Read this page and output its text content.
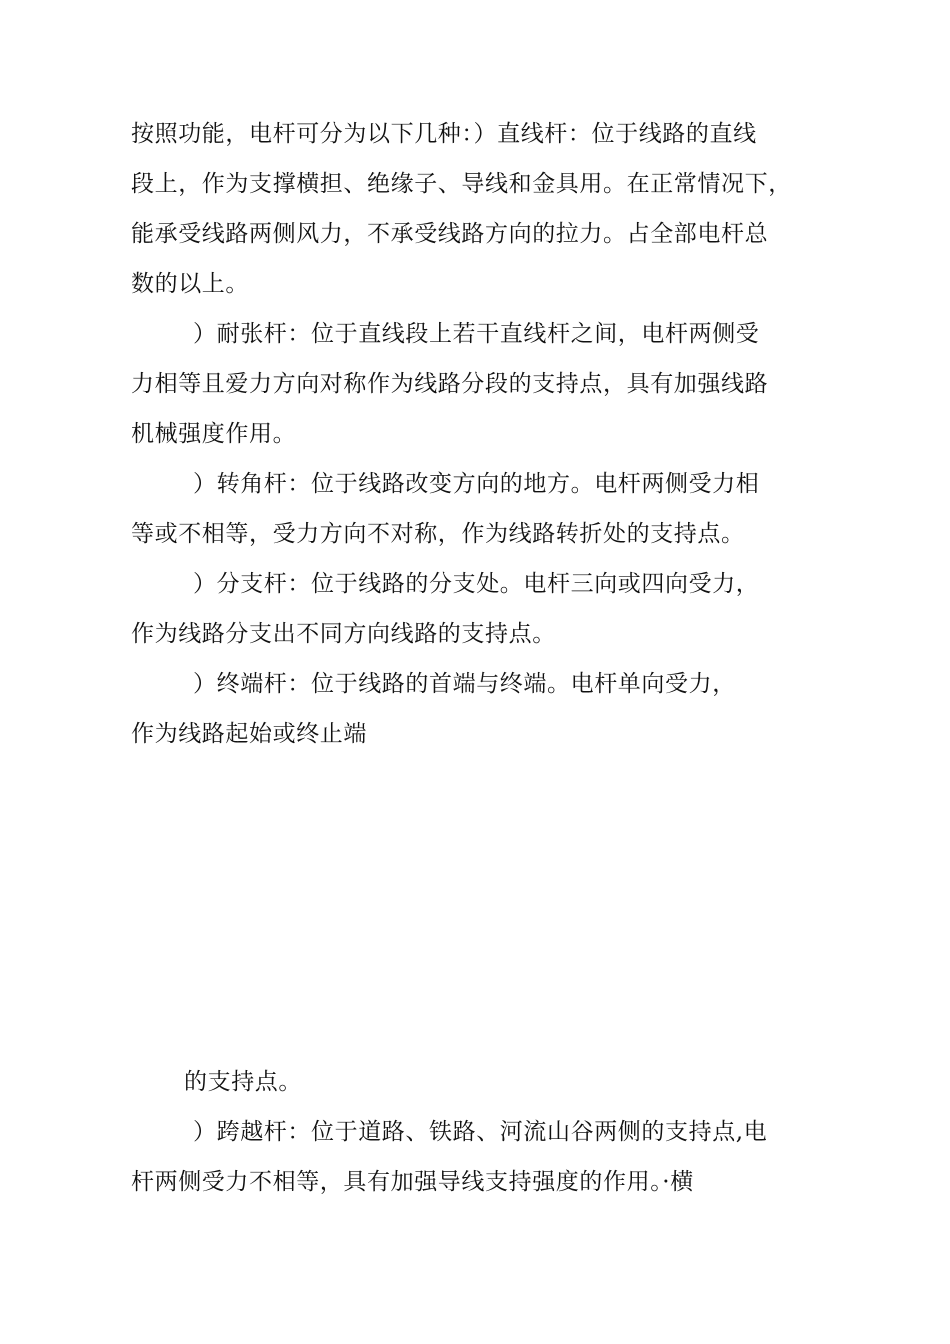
按照功能，电杆可分为以下几种：）直线杆：位于线路的直线
段上，作为支撑横担、绝缘子、导线和金具用。在正常情况下，
能承受线路两侧风力，不承受线路方向的拉力。占全部电杆总
数的以上。
）耐张杆：位于直线段上若干直线杆之间，电杆两侧受
力相等且爱力方向对称作为线路分段的支持点，具有加强线路
机械强度作用。
）转角杆：位于线路改变方向的地方。电杆两侧受力相
等或不相等，受力方向不对称，作为线路转折处的支持点。
）分支杆：位于线路的分支处。电杆三向或四向受力，
作为线路分支出不同方向线路的支持点。
）终端杆：位于线路的首端与终端。电杆单向受力，
作为线路起始或终止端
的支持点。
）跨越杆：位于道路、铁路、河流山谷两侧的支持点,电
杆两侧受力不相等，具有加强导线支持强度的作用。·横
